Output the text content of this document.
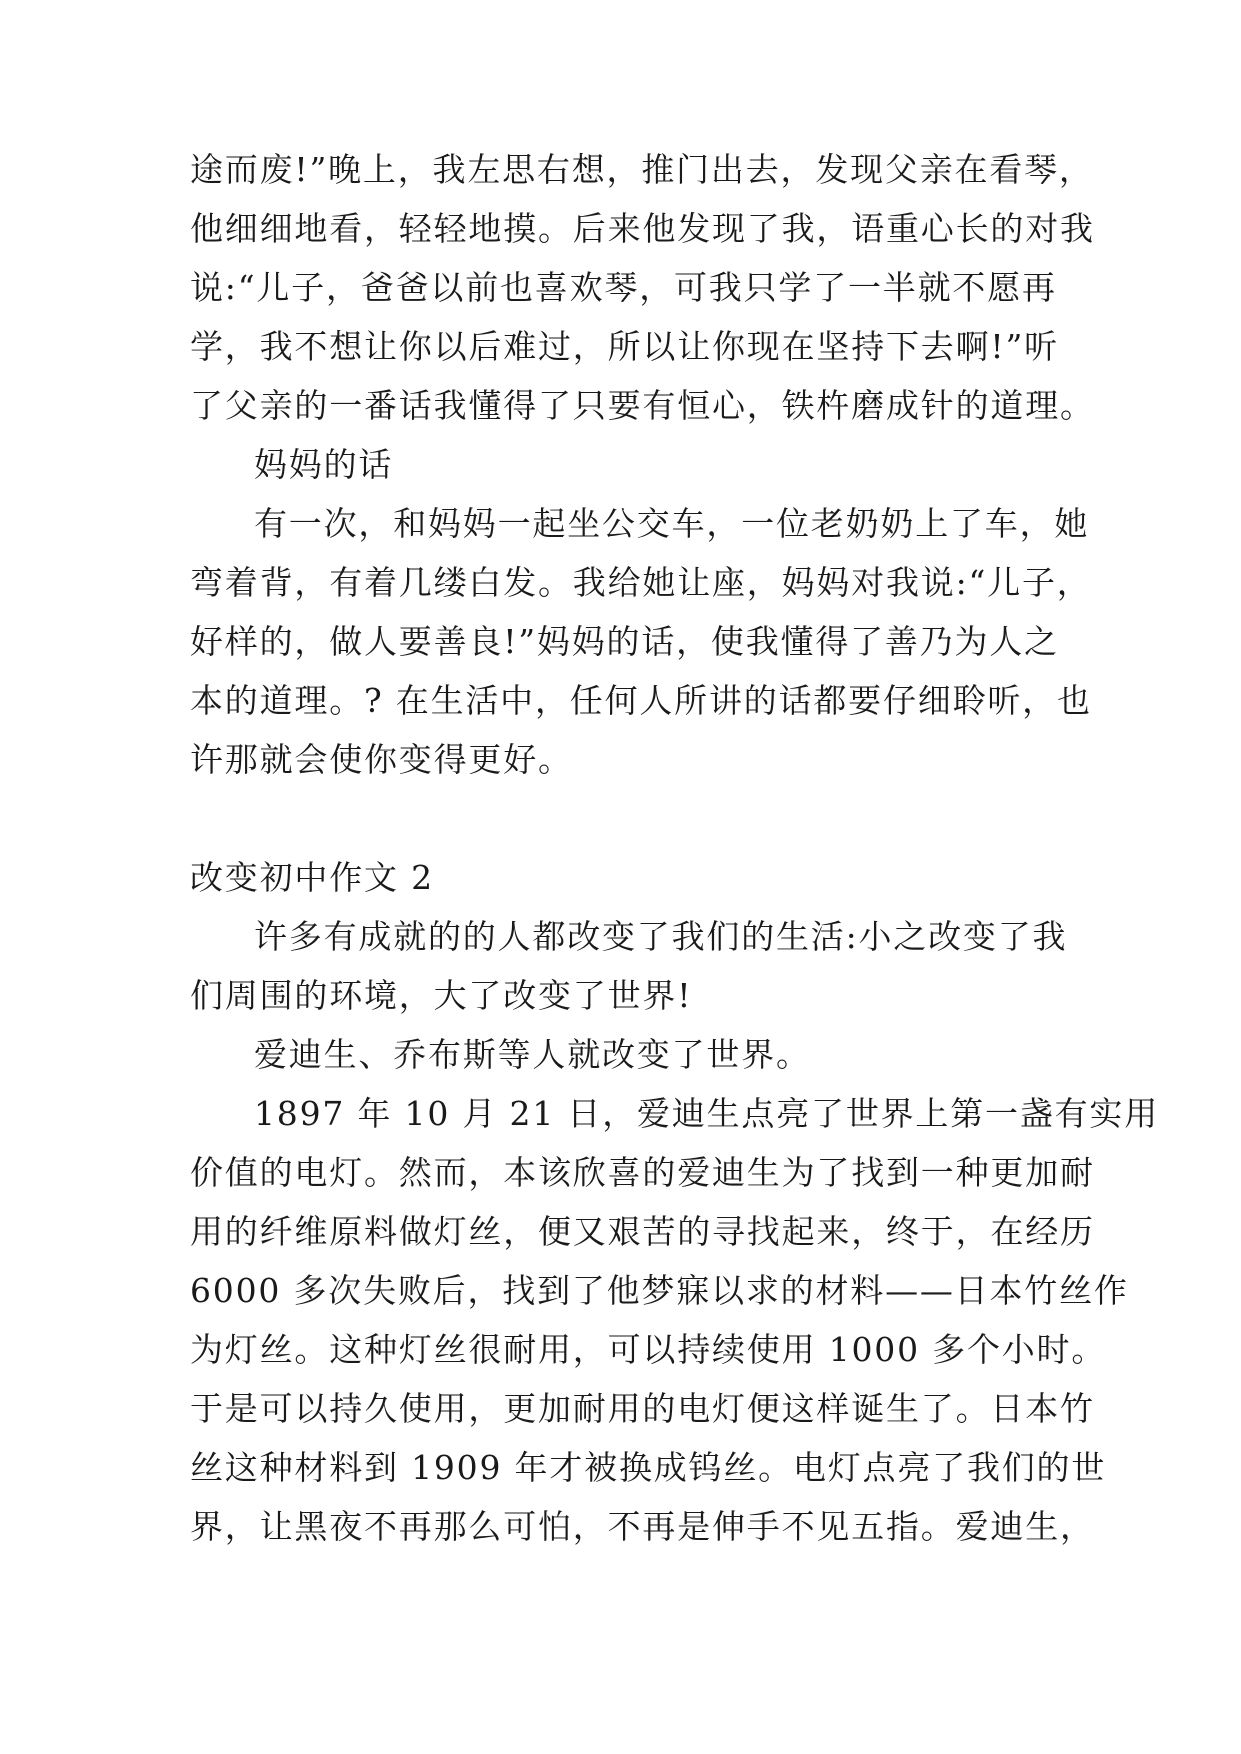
途而废!”晚上，我左思右想，推门出去，发现父亲在看琴，
他细细地看，轻轻地摸。后来他发现了我，语重心长的对我
说:“儿子，爸爸以前也喜欢琴，可我只学了一半就不愿再
学，我不想让你以后难过，所以让你现在坚持下去啊!”听
了父亲的一番话我懂得了只要有恒心，铁杵磨成针的道理。
妈妈的话
有一次，和妈妈一起坐公交车，一位老奶奶上了车，她
弯着背，有着几缕白发。我给她让座，妈妈对我说:“儿子，
好样的，做人要善良!”妈妈的话，使我懂得了善乃为人之
本的道理。? 在生活中，任何人所讲的话都要仔细聆听，也
许那就会使你变得更好。
改变初中作文 2
许多有成就的的人都改变了我们的生活:小之改变了我
们周围的环境，大了改变了世界!
爱迪生、乔布斯等人就改变了世界。
1897 年 10 月 21 日，爱迪生点亮了世界上第一盏有实用
价值的电灯。然而，本该欣喜的爱迪生为了找到一种更加耐
用的纤维原料做灯丝，便又艰苦的寻找起来，终于，在经历
6000 多次失败后，找到了他梦寐以求的材料——日本竹丝作
为灯丝。这种灯丝很耐用，可以持续使用 1000 多个小时。
于是可以持久使用，更加耐用的电灯便这样诞生了。日本竹
丝这种材料到 1909 年才被换成钨丝。电灯点亮了我们的世
界，让黑夜不再那么可怕，不再是伸手不见五指。爱迪生，
